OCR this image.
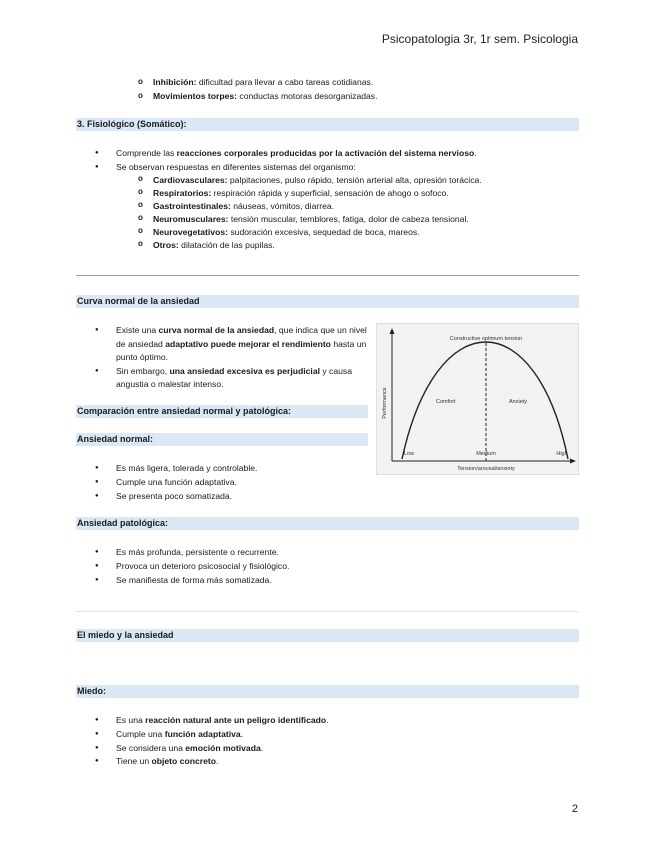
Psicopatologia 3r, 1r sem. Psicologia
o Inhibición: dificultad para llevar a cabo tareas cotidianas.
o Movimientos torpes: conductas motoras desorganizadas.
3. Fisiológico (Somático):
● Comprende las reacciones corporales producidas por la activación del sistema nervioso.
● Se observan respuestas en diferentes sistemas del organismo:
o Cardiovasculares: palpitaciones, pulso rápido, tensión arterial alta, opresión torácica.
o Respiratorios: respiración rápida y superficial, sensación de ahogo o sofoco.
o Gastrointestinales: náuseas, vómitos, diarrea.
o Neuromusculares: tensión muscular, temblores, fatiga, dolor de cabeza tensional.
o Neurovegetativos: sudoración excesiva, sequedad de boca, mareos.
o Otros: dilatación de las pupilas.
Curva normal de la ansiedad
● Existe una curva normal de la ansiedad, que indica que un nivel de ansiedad adaptativo puede mejorar el rendimiento hasta un punto óptimo.
● Sin embargo, una ansiedad excesiva es perjudicial y causa angustia o malestar intenso.
Constructive optimum tension
Comfort	Anxiety
Performance
Low	Medium	High
Tension/arousal/anxiety
Comparación entre ansiedad normal y patológica:
Ansiedad normal:
● Es más ligera, tolerada y controlable.
● Cumple una función adaptativa.
● Se presenta poco somatizada.
Ansiedad patológica:
● Es más profunda, persistente o recurrente.
● Provoca un deterioro psicosocial y fisiológico.
● Se manifiesta de forma más somatizada.
El miedo y la ansiedad
Miedo:
● Es una reacción natural ante un peligro identificado.
● Cumple una función adaptativa.
● Se considera una emoción motivada.
● Tiene un objeto concreto.
2
